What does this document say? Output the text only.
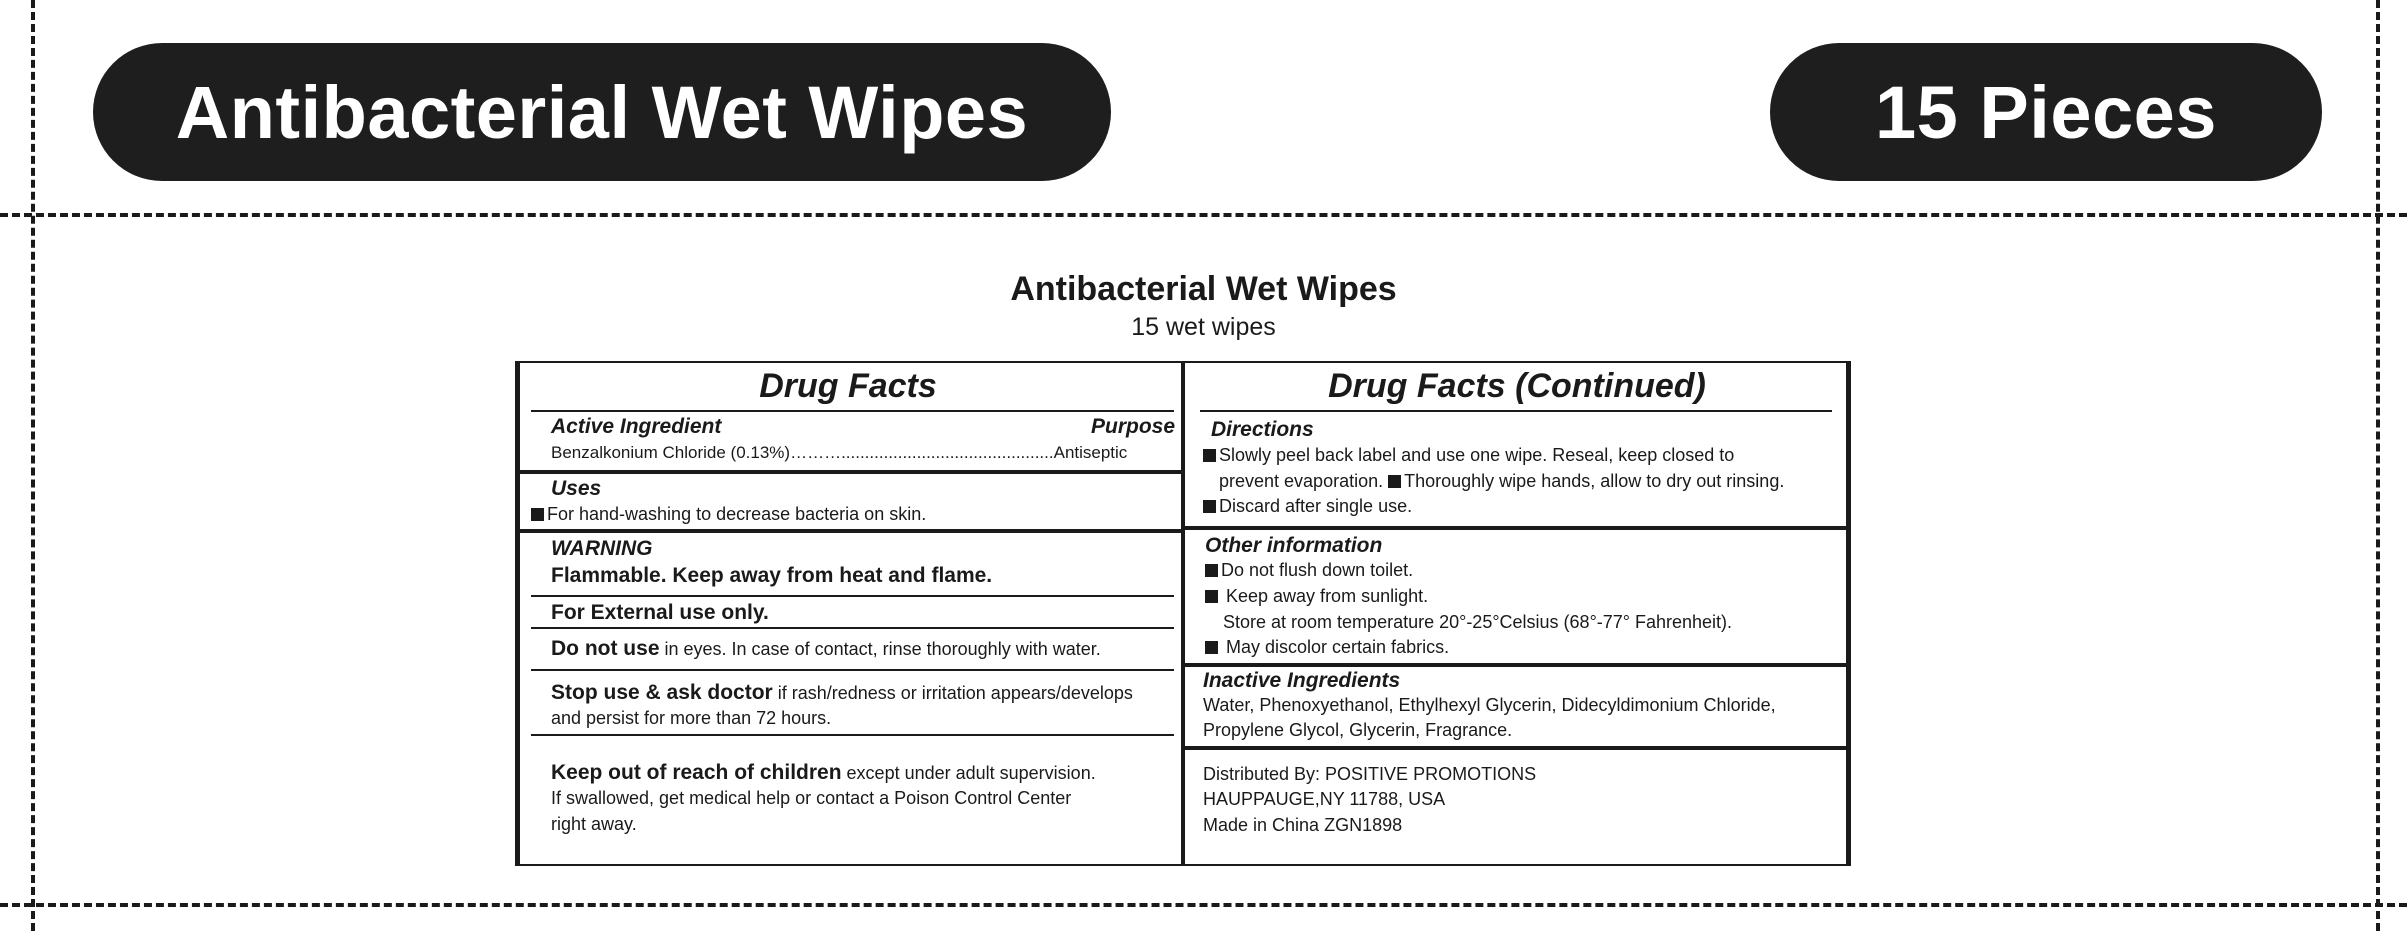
Antibacterial Wet Wipes	15 Pieces
Antibacterial Wet Wipes
15 wet wipes
Drug Facts
Active Ingredient	Purpose
Benzalkonium Chloride (0.13%)……….............................................Antiseptic
Uses
For hand-washing to decrease bacteria on skin.
WARNING
Flammable. Keep away from heat and flame.
For External use only.
Do not use in eyes. In case of contact, rinse thoroughly with water.
Stop use & ask doctor if rash/redness or irritation appears/develops
and persist for more than 72 hours.
Keep out of reach of children except under adult supervision.
If swallowed, get medical help or contact a Poison Control Center
right away.
Drug Facts (Continued)
Directions
Slowly peel back label and use one wipe. Reseal, keep closed to
prevent evaporation. Thoroughly wipe hands, allow to dry out rinsing.
Discard after single use.
Other information
Do not flush down toilet.
Keep away from sunlight.
Store at room temperature 20°-25°Celsius (68°-77° Fahrenheit).
May discolor certain fabrics.
Inactive Ingredients
Water, Phenoxyethanol, Ethylhexyl Glycerin, Didecyldimonium Chloride,
Propylene Glycol, Glycerin, Fragrance.
Distributed By: POSITIVE PROMOTIONS
HAUPPAUGE,NY 11788, USA
Made in China ZGN1898
